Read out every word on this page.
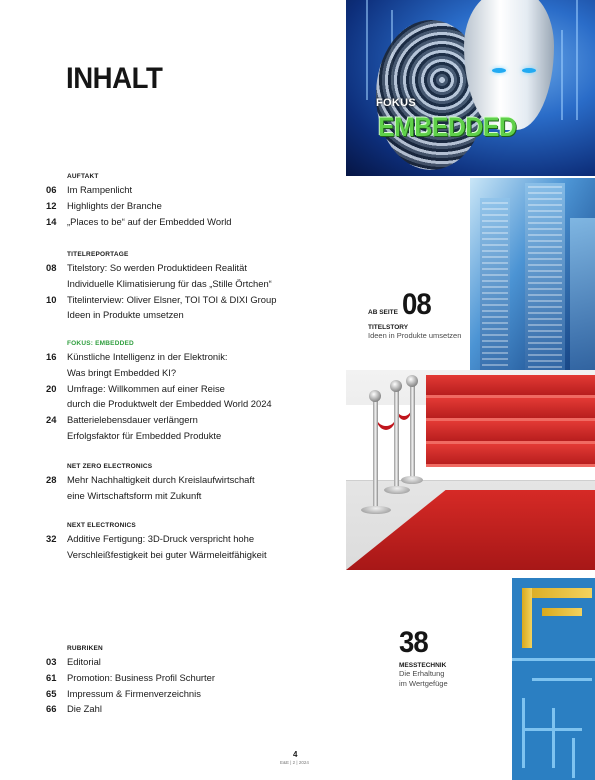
INHALT
AUFTAKT
06	Im Rampenlicht
12	Highlights der Branche
14	„Places to be“ auf der Embedded World
TITELREPORTAGE
08	Titelstory: So werden Produktideen Realität
Individuelle Klimatisierung für das „Stille Örtchen“
10	Titelinterview: Oliver Elsner, TOI TOI & DIXI Group
Ideen in Produkte umsetzen
FOKUS: EMBEDDED
16	Künstliche Intelligenz in der Elektronik:
Was bringt Embedded KI?
20	Umfrage: Willkommen auf einer Reise
durch die Produktwelt der Embedded World 2024
24	Batterielebensdauer verlängern
Erfolgsfaktor für Embedded Produkte
NET ZERO ELECTRONICS
28	Mehr Nachhaltigkeit durch Kreislaufwirtschaft
eine Wirtschaftsform mit Zukunft
NEXT ELECTRONICS
32	Additive Fertigung: 3D-Druck verspricht hohe
Verschleißfestigkeit bei guter Wärmeleitfähigkeit
RUBRIKEN
03	Editorial
61	Promotion: Business Profil Schurter
65	Impressum & Firmenverzeichnis
66	Die Zahl
FOKUS
EMBEDDED
AB SEITE 08
TITELSTORY
Ideen in Produkte umsetzen
38
MESSTECHNIK
Die Erhaltung
im Wertgefüge
4
E&E | 2 | 2024
